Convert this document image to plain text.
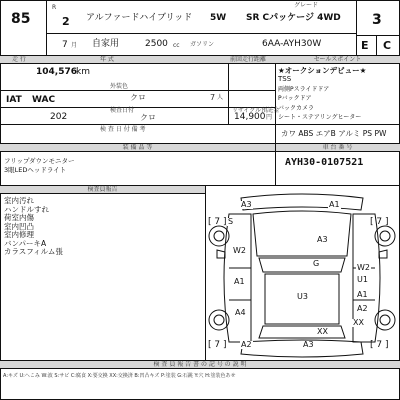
85
R
2 アルファードハイブリッド 5W
グレード
SR Cパッケージ 4WD 3
7 月 自家用	2500 cc ガソリン	6AA-AYH30W	E C
走 行	年 式	前回走行距離
104,576 km
外装色
IAT WAC	クロ	7 人
検査日付	リサイクル預託金
202	クロ	14,900 円
検 査 日 付 備 考
セールスポイント
★オークションデビュー★
TSS
両側Pスライドドア
Pバックドア
バックカメラ
シート・ステアリングヒーター
カワ ABS エアB アルミ PS PW
装 備 品 等	車 台 番 号
AYH30-0107521
フリップダウンモニター
3眼LEDヘッドライト
検査員報告
室内汚れ
ハンドルすれ
荷室内傷
室内凹凸
室内修理
バンパーキA
カラスフィルム張
[ 7 ]	[ 7 ]
[ 7 ]	[ 7 ]
A3	A1
S
A3
W2
G	W2
U1
A1
U3	A1
A4	A2
XX
XX
A3
A2
検 査 員 報 告 書 の 記 号 の 説 明
A:キズ U:へこみ W:波 S:サビ C:腐食 X:要交換 XX:交換済 B:凹凸キズ P:塗装 G:石跳 Y:穴 H:塗装色あせ
